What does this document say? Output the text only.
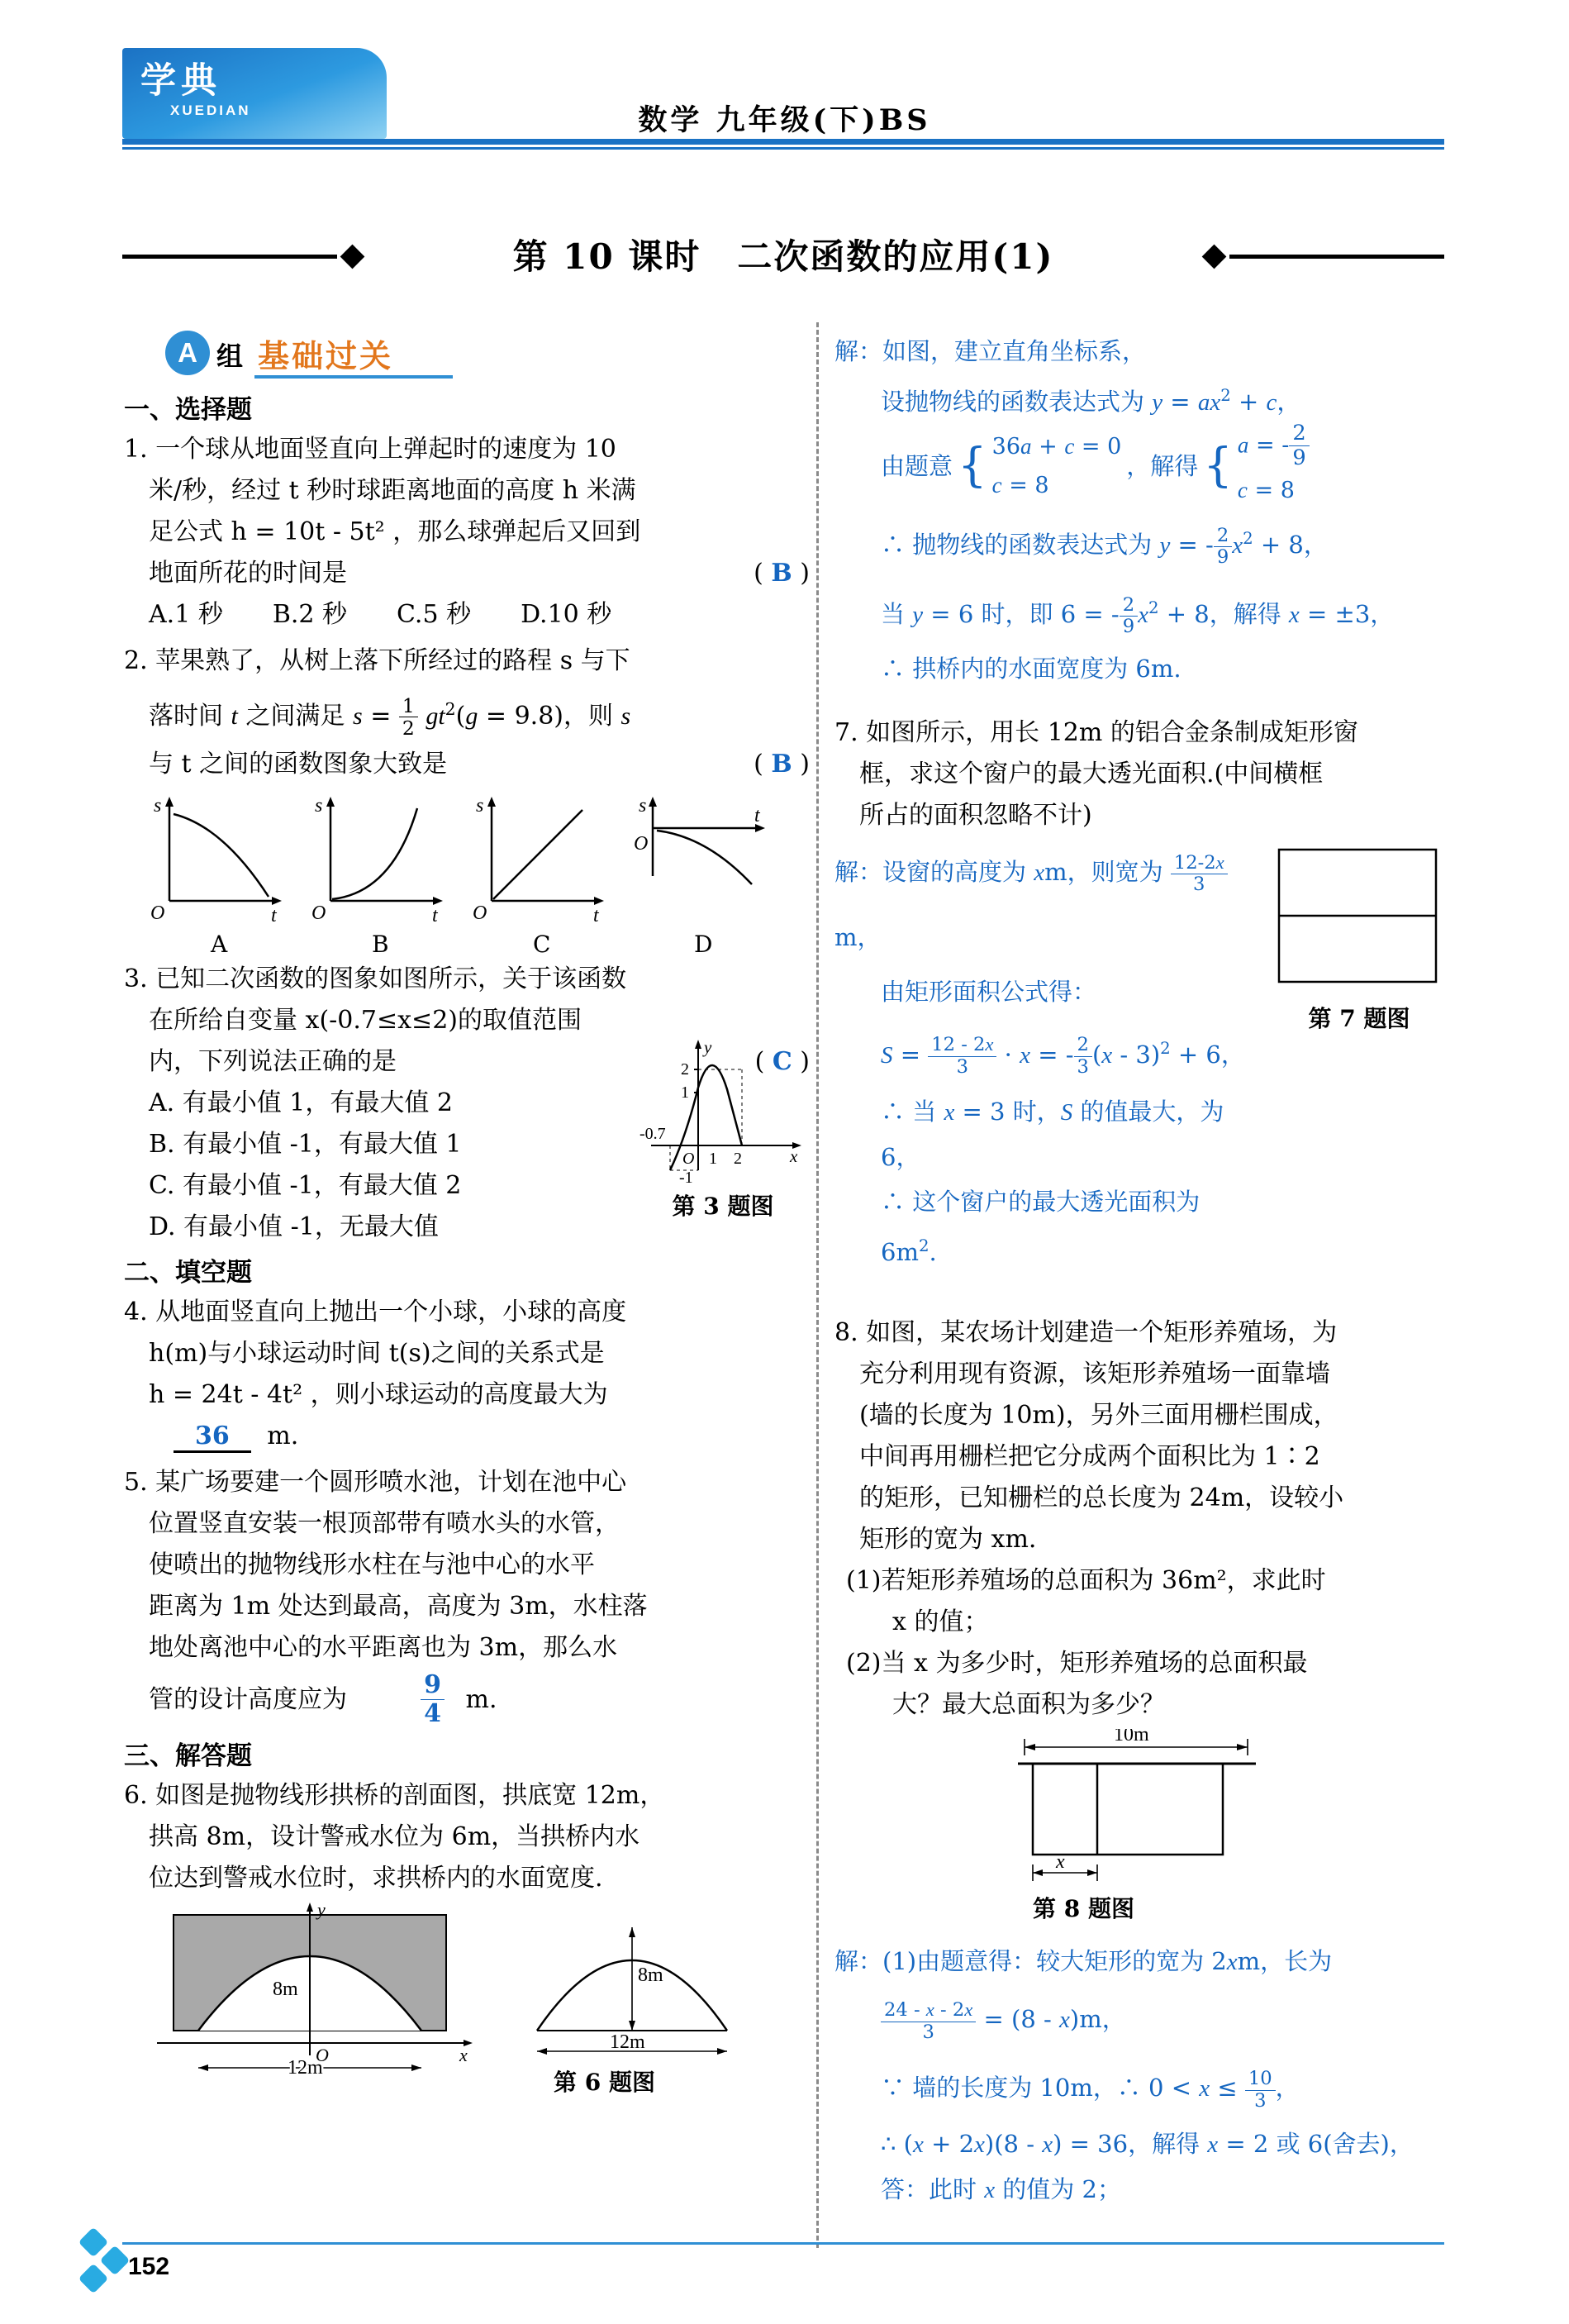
学典
XUEDIAN	数学 九年级(下)BS
第 10 课时　二次函数的应用(1)
A 组 基础过关
一、选择题
1. 一个球从地面竖直向上弹起时的速度为 10
米/秒，经过 t 秒时球距离地面的高度 h 米满
足公式 h = 10t - 5t² ，那么球弹起后又回到
地面所花的时间是	( B )
A.1 秒　　B.2 秒　　C.5 秒　　D.10 秒
2. 苹果熟了，从树上落下所经过的路程 s 与下
落时间 t 之间满足 $s = \frac{1}{2} gt^2(g = 9.8)$，则 s
与 t 之间的函数图象大致是	( B )
s
t
O
A
s
t
O
B
s
t
O
C
s	t
O
D
3. 已知二次函数的图象如图所示，关于该函数
在所给自变量 x(-0.7≤x≤2)的取值范围
内，下列说法正确的是	( C )
A. 有最小值 1，有最大值 2
B. 有最小值 -1，有最大值 1
C. 有最小值 -1，有最大值 2
D. 有最小值 -1，无最大值
y
x
O
2
1
-1
-0.7
1 2
第 3 题图
二、填空题
4. 从地面竖直向上抛出一个小球，小球的高度
h(m)与小球运动时间 t(s)之间的关系式是
h = 24t - 4t² ，则小球运动的高度最大为
36 m.
5. 某广场要建一个圆形喷水池，计划在池中心
位置竖直安装一根顶部带有喷水头的水管，
使喷出的抛物线形水柱在与池中心的水平
距离为 1m 处达到最高，高度为 3m，水柱落
地处离池中心的水平距离也为 3m，那么水
管的设计高度应为	$\frac{9}{4} m$.
三、解答题
6. 如图是抛物线形拱桥的剖面图，拱底宽 12m，
拱高 8m，设计警戒水位为 6m，当拱桥内水
位达到警戒水位时，求拱桥内的水面宽度.
y
x
O
8m
12m
8m
12m
第 6 题图
解：如图，建立直角坐标系，
设抛物线的函数表达式为 $y = ax^2 + c$，
由题意 { 36a + c = 0
c = 8
，解得 { a = - $\frac{2}{9}$
c = 8
∴ 抛物线的函数表达式为 y = - $\frac{2}{9} x^2 + 8$，
当 y = 6 时，即 6 = - $\frac{2}{9} x^2 + 8$，解得 x = ±3，
∴ 拱桥内的水面宽度为 6m.
7. 如图所示，用长 12m 的铝合金条制成矩形窗
框，求这个窗户的最大透光面积.(中间横框
所占的面积忽略不计)
第 7 题图
解：设窗的高度为 xm，则宽为 $\frac{12-2x}{3}$
m，
由矩形面积公式得：
$S = \frac{12 - 2x}{3} \cdot x$ = - $\frac{2}{3} (x - 3)^2 + 6$，
∴ 当 x = 3 时，S 的值最大，为 6，
∴ 这个窗户的最大透光面积为 $6m^2$.
8. 如图，某农场计划建造一个矩形养殖场，为
充分利用现有资源，该矩形养殖场一面靠墙
(墙的长度为 10m)，另外三面用栅栏围成，
中间再用栅栏把它分成两个面积比为 1∶2
的矩形，已知栅栏的总长度为 24m，设较小
矩形的宽为 xm.
(1)若矩形养殖场的总面积为 36m²，求此时
x 的值；
(2)当 x 为多少时，矩形养殖场的总面积最
大？最大总面积为多少？
10m
x
第 8 题图
解：(1)由题意得：较大矩形的宽为 2xm，长为
$\frac{24 - x - 2x}{3} = (8 - x)m$，
∵ 墙的长度为 10m，∴ $0 < x \le \frac{10}{3}$ ，
∴ (x + 2x)(8 - x) = 36，解得 x = 2 或 6(舍去)，
答：此时 x 的值为 2；
152
